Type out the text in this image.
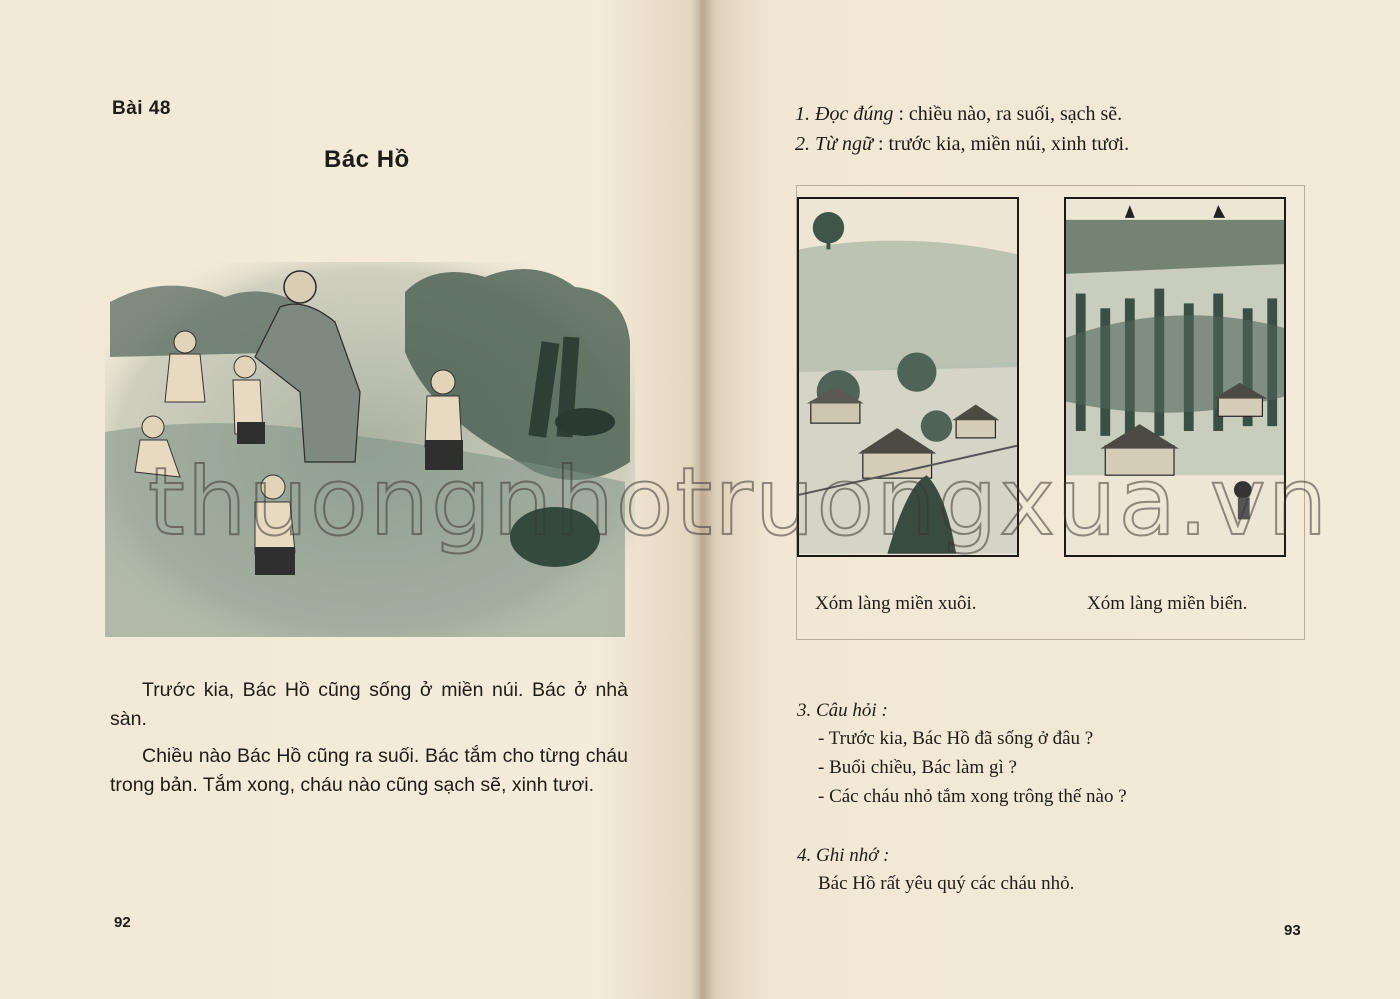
Bài 48
Bác Hồ

Trước kia, Bác Hồ cũng sống ở miền núi. Bác ở nhà sàn.

Chiều nào Bác Hồ cũng ra suối. Bác tắm cho từng cháu trong bản. Tắm xong, cháu nào cũng sạch sẽ, xinh tươi.

92
1. Đọc đúng : chiều nào, ra suối, sạch sẽ.
2. Từ ngữ : trước kia, miền núi, xinh tươi.
Xóm làng miền xuôi.	Xóm làng miền biển.
3. Câu hỏi :
- Trước kia, Bác Hồ đã sống ở đâu ?
- Buổi chiều, Bác làm gì ?
- Các cháu nhỏ tắm xong trông thế nào ?
4. Ghi nhớ :
Bác Hồ rất yêu quý các cháu nhỏ.
93
